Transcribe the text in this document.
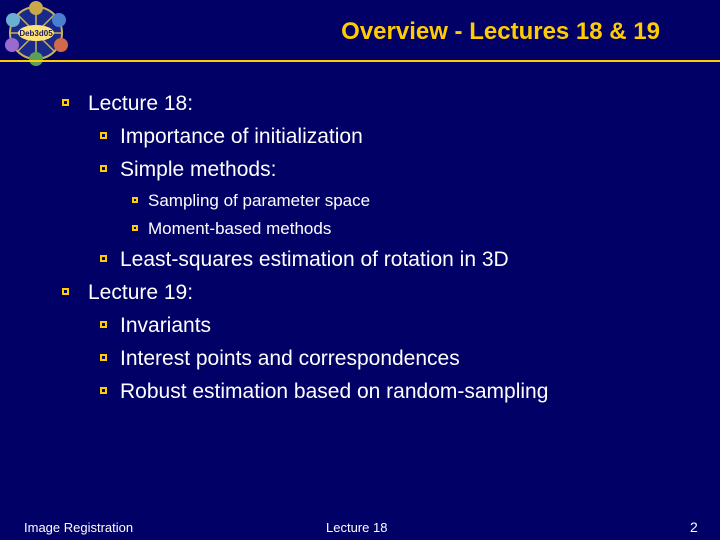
Deb3d05	Overview - Lectures 18 & 19
Lecture 18:
Importance of initialization
Simple methods:
Sampling of parameter space
Moment-based methods
Least-squares estimation of rotation in 3D
Lecture 19:
Invariants
Interest points and correspondences
Robust estimation based on random-sampling
Image Registration	Lecture 18	2
